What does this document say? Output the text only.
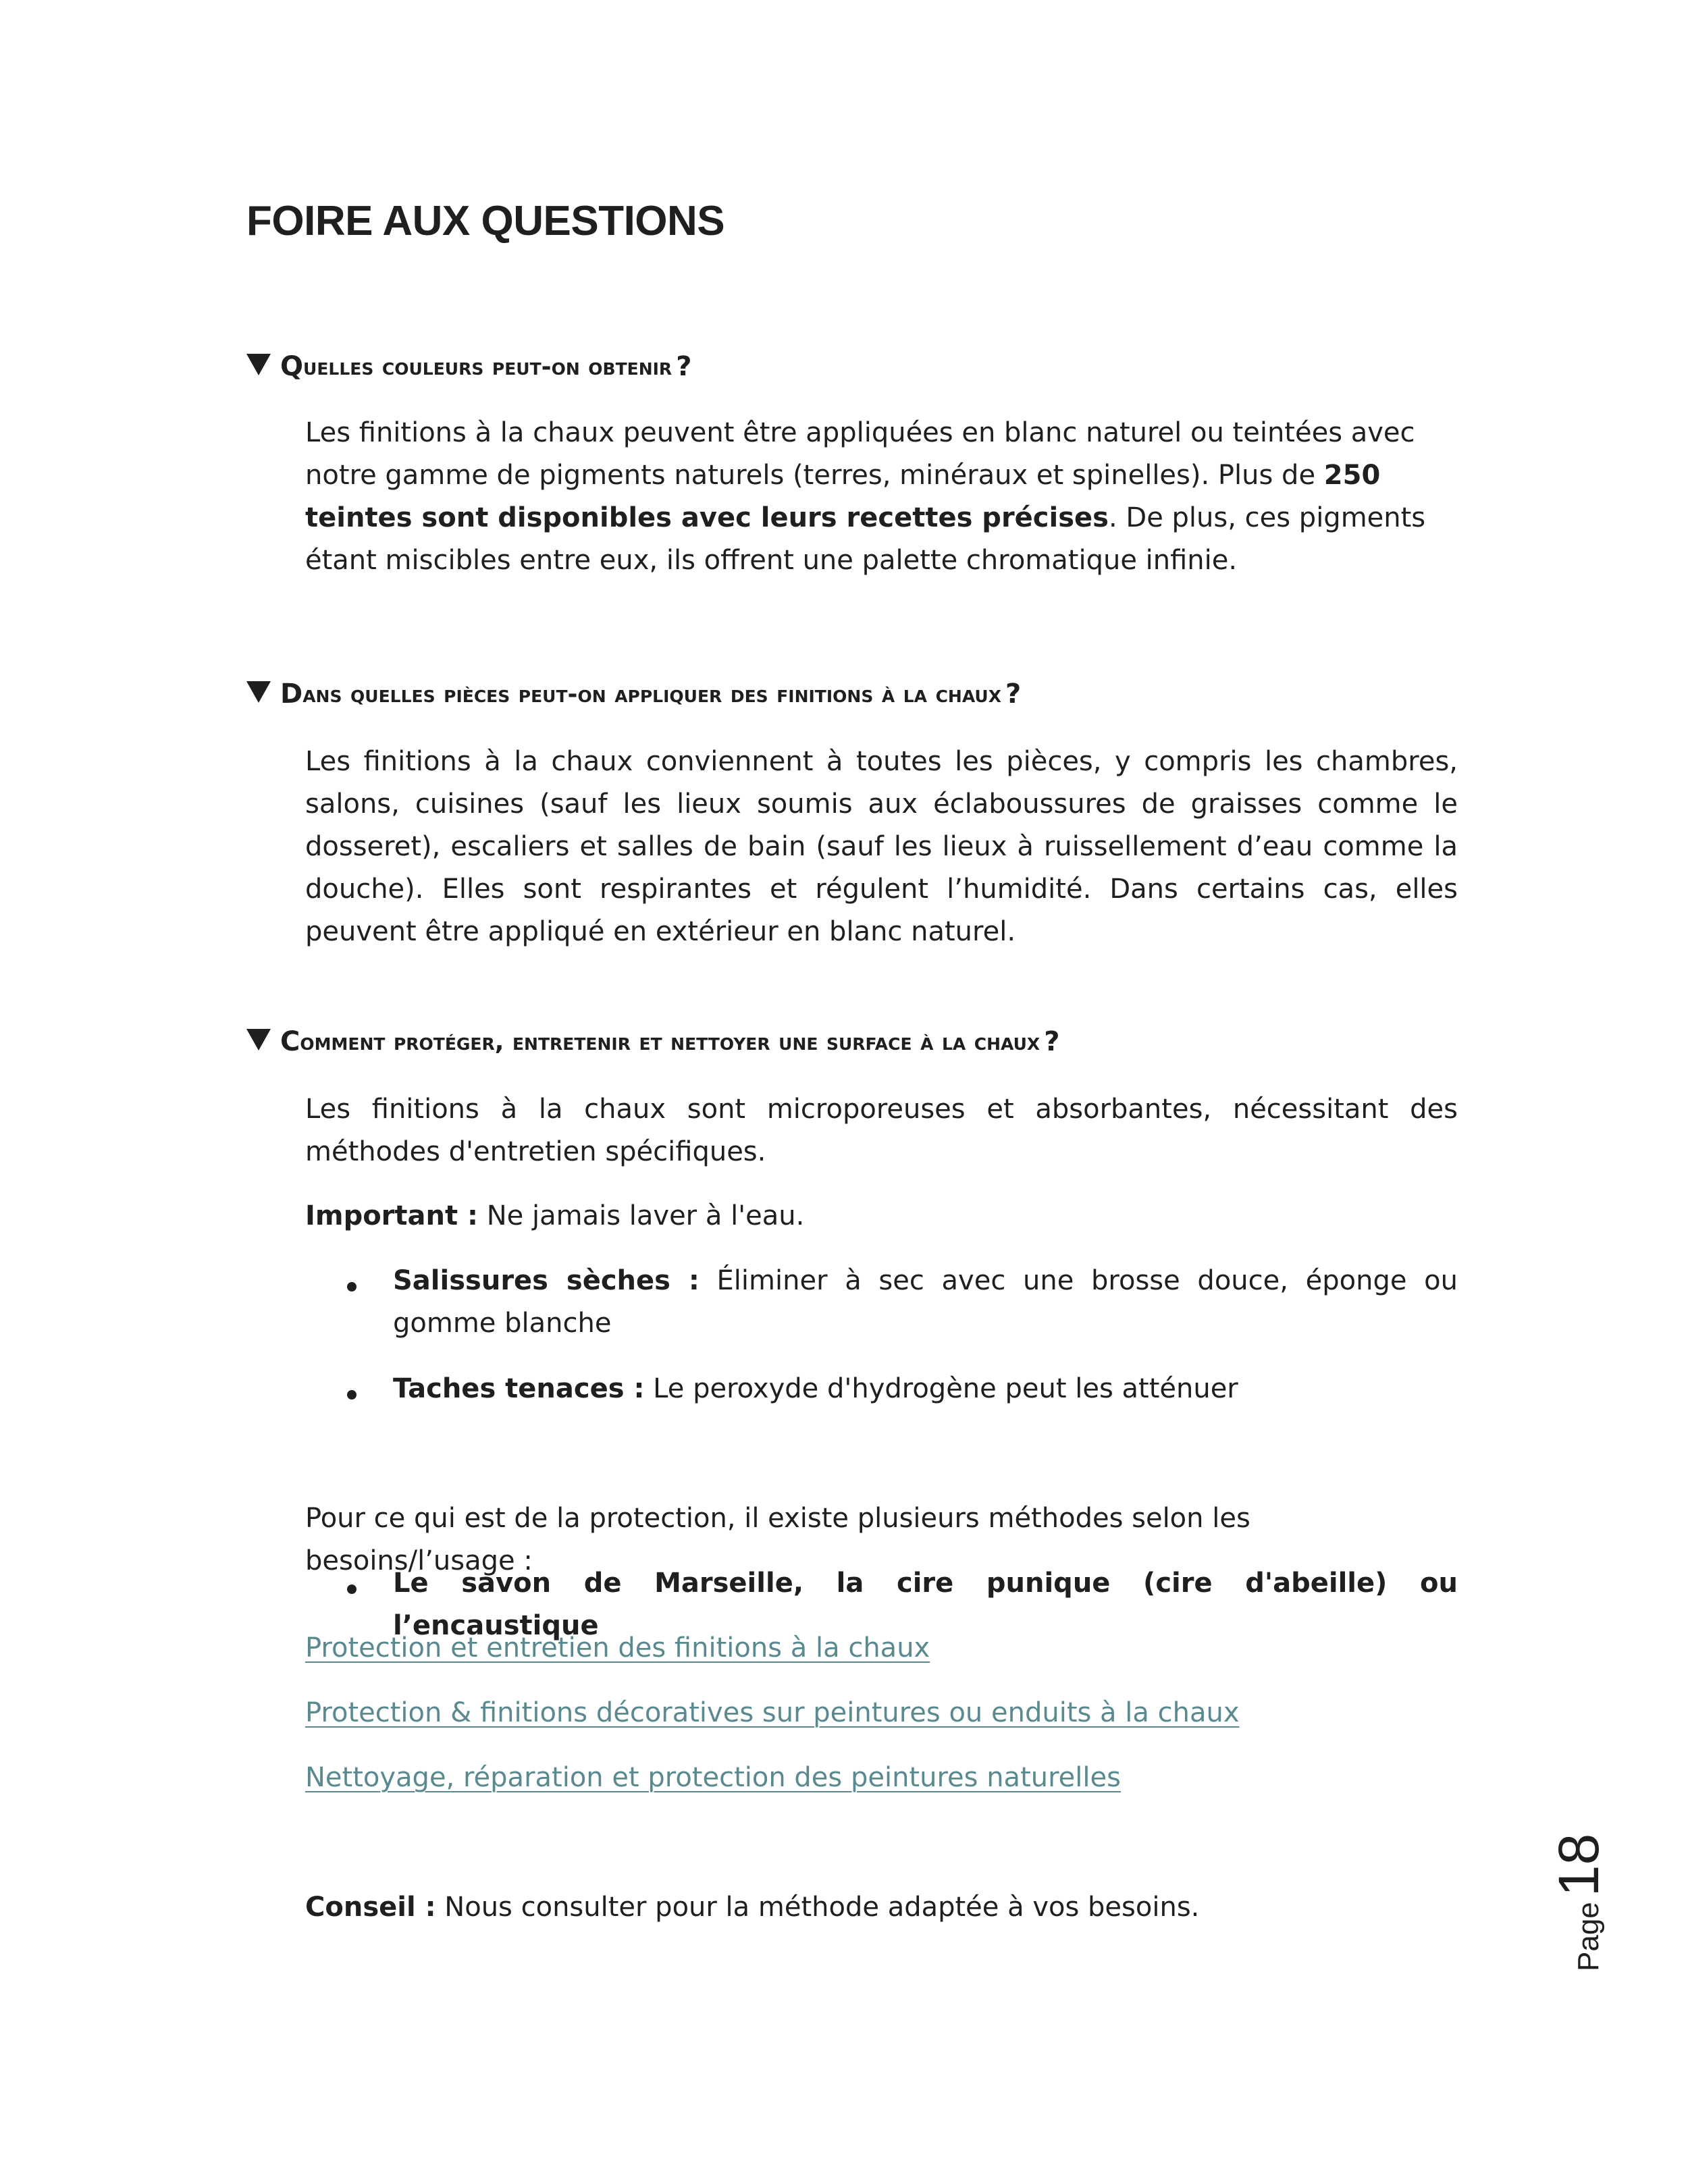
FOIRE AUX QUESTIONS
Q uelles couleurs peut-on obtenir ?

Les finitions à la chaux peuvent être appliquées en blanc naturel ou teintées avec notre gamme de pigments naturels (terres, minéraux et spinelles). Plus de 250 teintes sont disponibles avec leurs recettes précises. De plus, ces pigments étant miscibles entre eux, ils offrent une palette chromatique infinie.

D ans quelles pièces peut-on appliquer des finitions à la chaux ?

Les finitions à la chaux conviennent à toutes les pièces, y compris les chambres, salons, cuisines (sauf les lieux soumis aux éclaboussures de graisses comme le dosseret), escaliers et salles de bain (sauf les lieux à ruissellement d’eau comme la douche). Elles sont respirantes et régulent l’humidité. Dans certains cas, elles peuvent être appliqué en extérieur en blanc naturel.

C omment protéger, entretenir et nettoyer une surface à la chaux ?

Les finitions à la chaux sont microporeuses et absorbantes, nécessitant des méthodes d'entretien spécifiques.

Important : Ne jamais laver à l'eau.

Salissures sèches : Éliminer à sec avec une brosse douce, éponge ou gomme blanche

Taches tenaces : Le peroxyde d'hydrogène peut les atténuer

Pour ce qui est de la protection, il existe plusieurs méthodes selon les besoins/l’usage :

Le savon de Marseille, la cire punique (cire d'abeille) ou l’encaustique

Protection et entretien des finitions à la chaux
Protection & finitions décoratives sur peintures ou enduits à la chaux
Nettoyage, réparation et protection des peintures naturelles

Conseil : Nous consulter pour la méthode adaptée à vos besoins.	Page18
